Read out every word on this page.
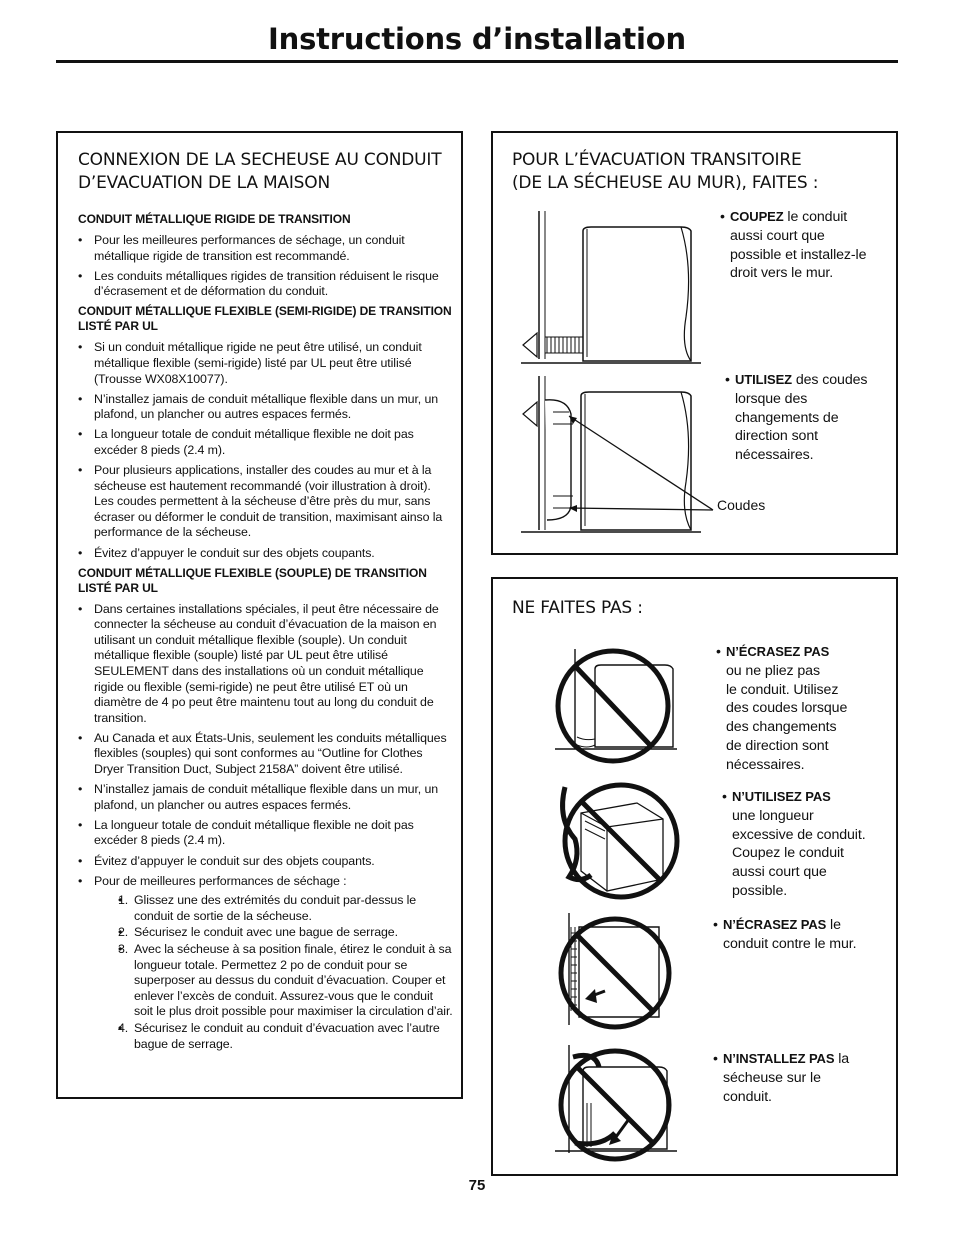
Instructions d’installation
CONNEXION DE LA SECHEUSE AU CONDUIT
D’EVACUATION DE LA MAISON
CONDUIT MÉTALLIQUE RIGIDE DE TRANSITION
• Pour les meilleures performances de séchage, un conduit métallique rigide de transition est recommandé.
• Les conduits métalliques rigides de transition réduisent le risque d’écrasement et de déformation du conduit.
CONDUIT MÉTALLIQUE FLEXIBLE (SEMI-RIGIDE) DE TRANSITION LISTÉ PAR UL
• Si un conduit métallique rigide ne peut être utilisé, un conduit métallique flexible (semi-rigide) listé par UL peut être utilisé (Trousse WX08X10077).
• N’installez jamais de conduit métallique flexible dans un mur, un plafond, un plancher ou autres espaces fermés.
• La longueur totale de conduit métallique flexible ne doit pas excéder 8 pieds (2.4 m).
• Pour plusieurs applications, installer des coudes au mur et à la sécheuse est hautement recommandé (voir illustration à droit). Les coudes permettent à la sécheuse d’être près du mur, sans écraser ou déformer le conduit de transition, maximisant ainso la performance de la sécheuse.
• Évitez d’appuyer le conduit sur des objets coupants.
CONDUIT MÉTALLIQUE FLEXIBLE (SOUPLE) DE TRANSITION LISTÉ PAR UL
• Dans certaines installations spéciales, il peut être nécessaire de connecter la sécheuse au conduit d’évacuation de la maison en utilisant un conduit métallique flexible (souple). Un conduit métallique flexible (souple) listé par UL peut être utilisé SEULEMENT dans des installations où un conduit métallique rigide ou flexible (semi-rigide) ne peut être utilisé ET où un diamètre de 4 po peut être maintenu tout au long du conduit de transition.
• Au Canada et aux États-Unis, seulement les conduits métalliques flexibles (souples) qui sont conformes au “Outline for Clothes Dryer Transition Duct, Subject 2158A” doivent être utilisé.
• N’installez jamais de conduit métallique flexible dans un mur, un plafond, un plancher ou autres espaces fermés.
• La longueur totale de conduit métallique flexible ne doit pas excéder 8 pieds (2.4 m).
• Évitez d’appuyer le conduit sur des objets coupants.
• Pour de meilleures performances de séchage :
• 1. Glissez une des extrémités du conduit par-dessus le conduit de sortie de la sécheuse.
• 2. Sécurisez le conduit avec une bague de serrage.
• 3. Avec la sécheuse à sa position finale, étirez le conduit à sa longueur totale. Permettez 2 po de conduit pour se superposer au dessus du conduit d’évacuation. Couper et enlever l’excès de conduit. Assurez-vous que le conduit soit le plus droit possible pour maximiser la circulation d’air.
• 4. Sécurisez le conduit au conduit d’évacuation avec l’autre bague de serrage.
POUR L’ÉVACUATION TRANSITOIRE
(DE LA SÉCHEUSE AU MUR), FAITES :
• COUPEZ le conduit
aussi court que
possible et installez-le
droit vers le mur.
Coudes
• UTILISEZ des coudes
lorsque des
changements de
direction sont
nécessaires.
NE FAITES PAS :
• N’ÉCRASEZ PAS
ou ne pliez pas
le conduit. Utilisez
des coudes lorsque
des changements
de direction sont
nécessaires.
• N’UTILISEZ PAS
une longueur
excessive de conduit.
Coupez le conduit
aussi court que
possible.
• N’ÉCRASEZ PAS le
conduit contre le mur.
• N’INSTALLEZ PAS la
sécheuse sur le
conduit.
75
